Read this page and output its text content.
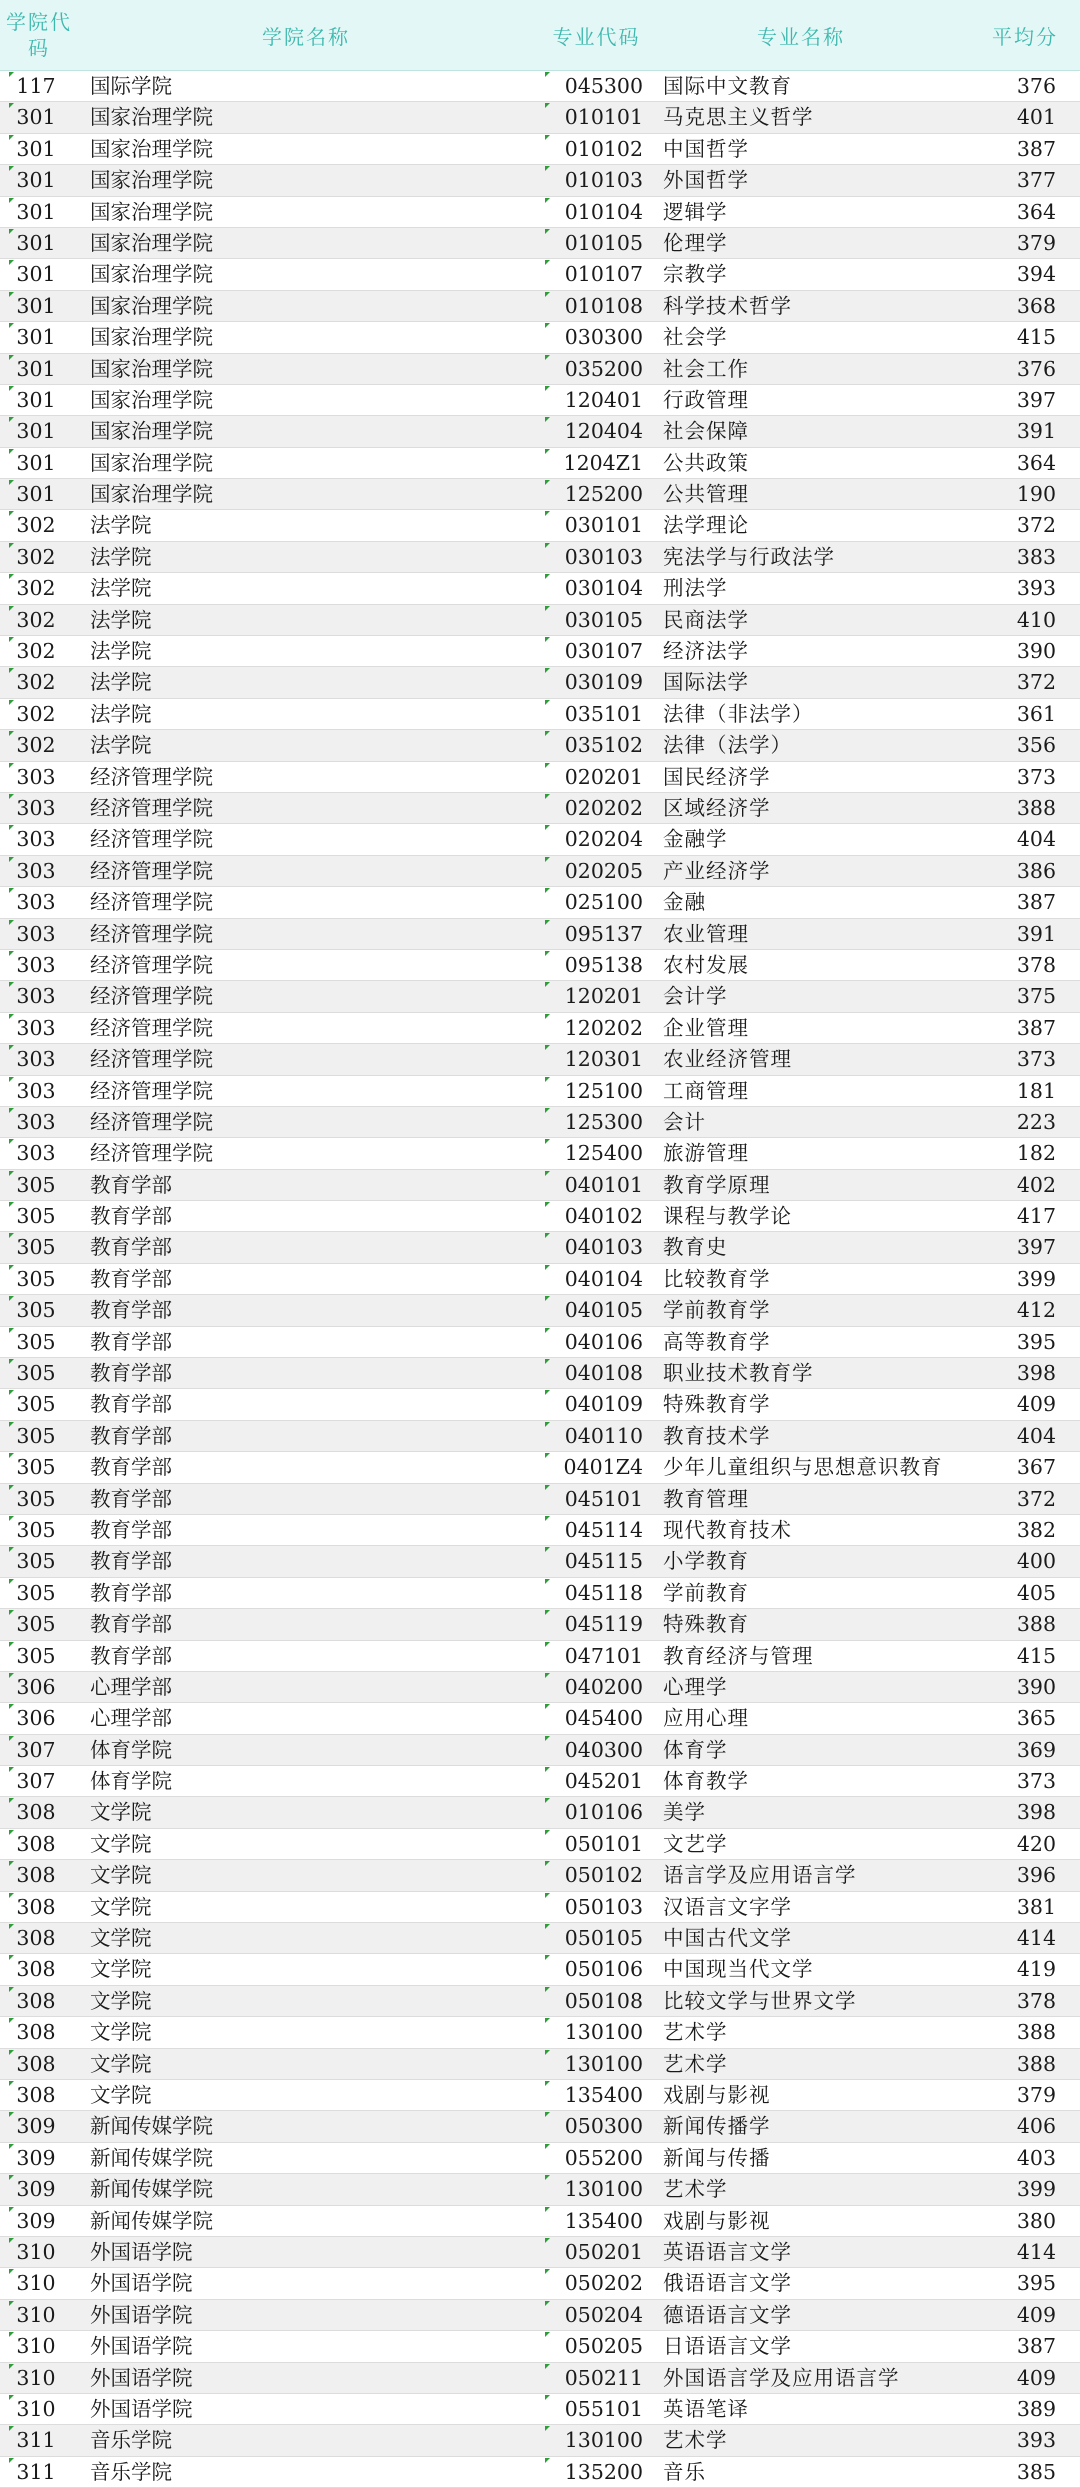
学院代码	学院名称	专业代码	专业名称	平均分
117	国际学院	045300 国际中文教育	376
301	国家治理学院	010101 马克思主义哲学	401
301	国家治理学院	010102 中国哲学	387
301	国家治理学院	010103 外国哲学	377
301	国家治理学院	010104 逻辑学	364
301	国家治理学院	010105 伦理学	379
301	国家治理学院	010107 宗教学	394
301	国家治理学院	010108 科学技术哲学	368
301	国家治理学院	030300 社会学	415
301	国家治理学院	035200 社会工作	376
301	国家治理学院	120401 行政管理	397
301	国家治理学院	120404 社会保障	391
301	国家治理学院	1204Z1 公共政策	364
301	国家治理学院	125200 公共管理	190
302	法学院	030101 法学理论	372
302	法学院	030103 宪法学与行政法学	383
302	法学院	030104 刑法学	393
302	法学院	030105 民商法学	410
302	法学院	030107 经济法学	390
302	法学院	030109 国际法学	372
302	法学院	035101 法律（非法学）	361
302	法学院	035102 法律（法学）	356
303	经济管理学院	020201 国民经济学	373
303	经济管理学院	020202 区域经济学	388
303	经济管理学院	020204 金融学	404
303	经济管理学院	020205 产业经济学	386
303	经济管理学院	025100 金融	387
303	经济管理学院	095137 农业管理	391
303	经济管理学院	095138 农村发展	378
303	经济管理学院	120201 会计学	375
303	经济管理学院	120202 企业管理	387
303	经济管理学院	120301 农业经济管理	373
303	经济管理学院	125100 工商管理	181
303	经济管理学院	125300 会计	223
303	经济管理学院	125400 旅游管理	182
305	教育学部	040101 教育学原理	402
305	教育学部	040102 课程与教学论	417
305	教育学部	040103 教育史	397
305	教育学部	040104 比较教育学	399
305	教育学部	040105 学前教育学	412
305	教育学部	040106 高等教育学	395
305	教育学部	040108 职业技术教育学	398
305	教育学部	040109 特殊教育学	409
305	教育学部	040110 教育技术学	404
305	教育学部	0401Z4 少年儿童组织与思想意识教育	367
305	教育学部	045101 教育管理	372
305	教育学部	045114 现代教育技术	382
305	教育学部	045115 小学教育	400
305	教育学部	045118 学前教育	405
305	教育学部	045119 特殊教育	388
305	教育学部	047101 教育经济与管理	415
306	心理学部	040200 心理学	390
306	心理学部	045400 应用心理	365
307	体育学院	040300 体育学	369
307	体育学院	045201 体育教学	373
308	文学院	010106 美学	398
308	文学院	050101 文艺学	420
308	文学院	050102 语言学及应用语言学	396
308	文学院	050103 汉语言文字学	381
308	文学院	050105 中国古代文学	414
308	文学院	050106 中国现当代文学	419
308	文学院	050108 比较文学与世界文学	378
308	文学院	130100 艺术学	388
308	文学院	130100 艺术学	388
308	文学院	135400 戏剧与影视	379
309	新闻传媒学院	050300 新闻传播学	406
309	新闻传媒学院	055200 新闻与传播	403
309	新闻传媒学院	130100 艺术学	399
309	新闻传媒学院	135400 戏剧与影视	380
310	外国语学院	050201 英语语言文学	414
310	外国语学院	050202 俄语语言文学	395
310	外国语学院	050204 德语语言文学	409
310	外国语学院	050205 日语语言文学	387
310	外国语学院	050211 外国语言学及应用语言学	409
310	外国语学院	055101 英语笔译	389
311	音乐学院	130100 艺术学	393
311	音乐学院	135200 音乐	385
